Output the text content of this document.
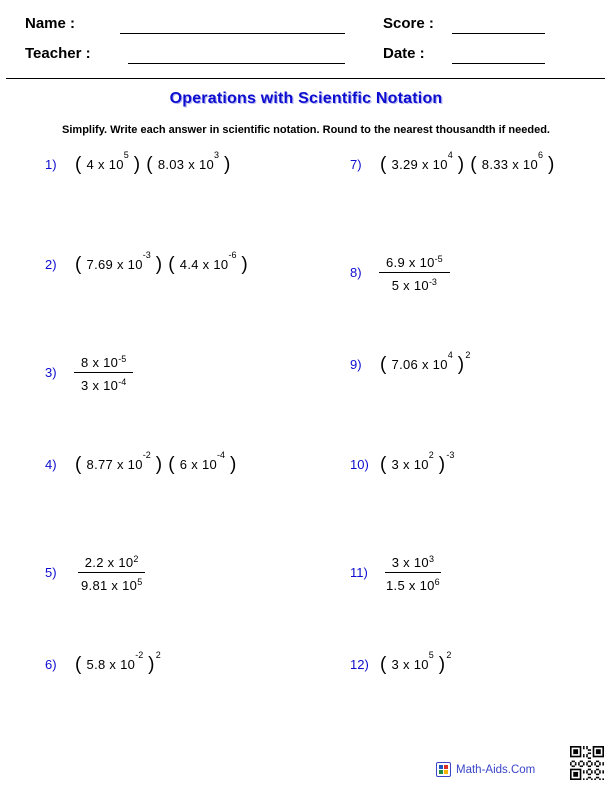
Name :	Score :
Teacher :	Date :
Operations with Scientific Notation
Simplify. Write each answer in scientific notation. Round to the nearest thousandth if needed.
1) ( 4 x $10^5$ ) ( 8.03 x $10^3$ )
2) ( 7.69 x $10^{-3}$ ) ( 4.4 x $10^{-6}$ )
3)	$\frac{8 x 10^{-5}}{3 x 10^{-4}}$
4) ( 8.77 x $10^{-2}$ ) ( 6 x $10^{-4}$ )
5)	$\frac{2.2 x 10^2}{9.81 x 10^5}$
6) ( 5.8 x $10^{-2}$ )$^2$
7) ( 3.29 x $10^4$ ) ( 8.33 x $10^6$ )
8)	$\frac{6.9 x 10^{-5}}{5 x 10^{-3}}$
9) ( 7.06 x $10^4$ )$^2$
10) ( 3 x $10^2$ )$^{-3}$
$11) \frac{3 x 10^3}{1.5 x 10^6}$
12) ( 3 x $10^5$ )$^2$
Math-Aids.Com
